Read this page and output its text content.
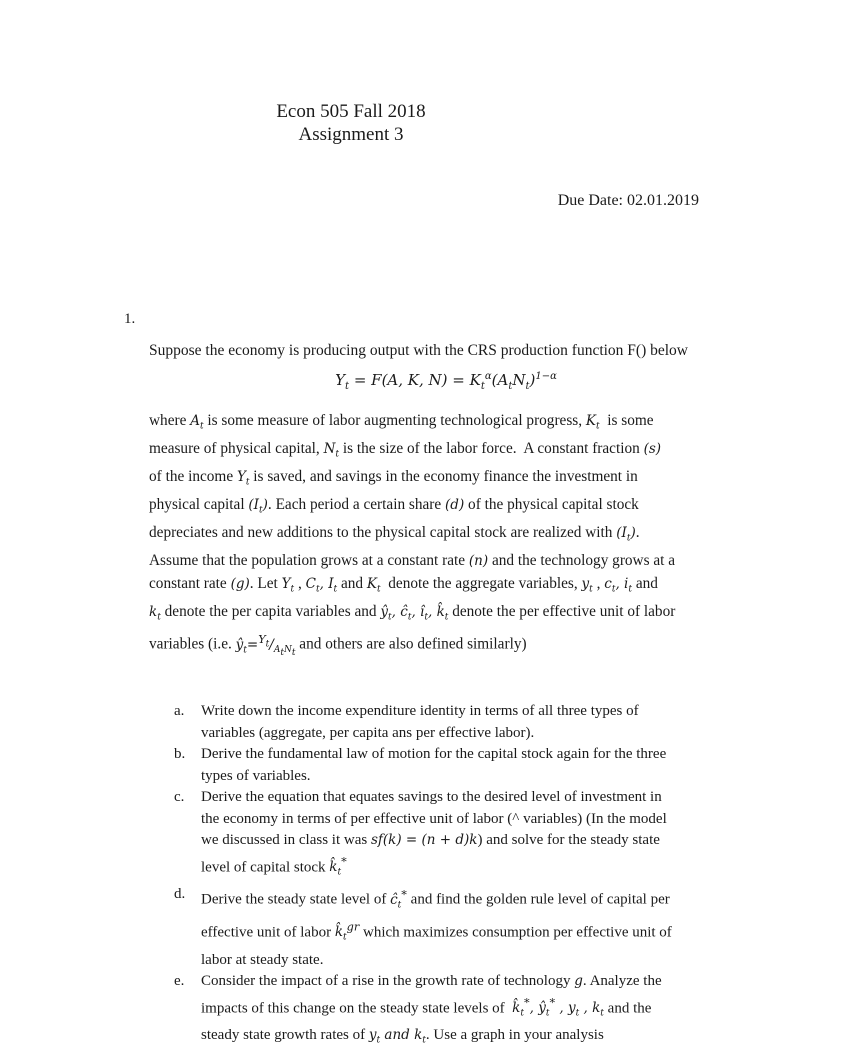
Econ 505 Fall 2018
Assignment 3
Due Date: 02.01.2019
1.
Suppose the economy is producing output with the CRS production function F() below
$Y_t = F(A$, K, $N) = K_t^\alpha(A_tN_t)^{1-\alpha}$
where $A_t$ is some measure of labor augmenting technological progress, $K_t$  is some
measure of physical capital, $N_t$ is the size of the labor force.  A constant fraction (s)
of the income $Y_t$ is saved, and savings in the economy finance the investment in
physical capital $(I_t)$. Each period a certain share (d) of the physical capital stock
depreciates and new additions to the physical capital stock are realized with $(I_t)$.
Assume that the population grows at a constant rate (n) and the technology grows at a
constant rate (g). Let $Y_t$ , $C_t$, $I_t$ and $K_t$  denote the aggregate variables, $y_t$ , $c_t$, $i_t$ and
$k_t$ denote the per capita variables and $ŷ_t$, $ĉ_t$, $î_t$, $k̂_t$ denote the per effective unit of labor
variables (i.e. $ŷ_t=^{Y_t}/_{A_tN_t}$ and others are also defined similarly)
a. Write down the income expenditure identity in terms of all three types of
variables (aggregate, per capita ans per effective labor).
b. Derive the fundamental law of motion for the capital stock again for the three
types of variables.
c. Derive the equation that equates savings to the desired level of investment in
the economy in terms of per effective unit of labor (^ variables) (In the model
we discussed in class it was sf(k) = (n + d)k) and solve for the steady state
level of capital stock $k̂_t^*$
d. Derive the steady state level of $ĉ_t^*$ and find the golden rule level of capital per
effective unit of labor $k̂_t^{gr}$ which maximizes consumption per effective unit of
labor at steady state.
e. Consider the impact of a rise in the growth rate of technology g. Analyze the
impacts of this change on the steady state levels of  $k̂_t^*$, $ŷ_t^*$ , $y_t$ , $k_t$ and the
steady state growth rates of $y_t$ and $k_t$. Use a graph in your analysis
